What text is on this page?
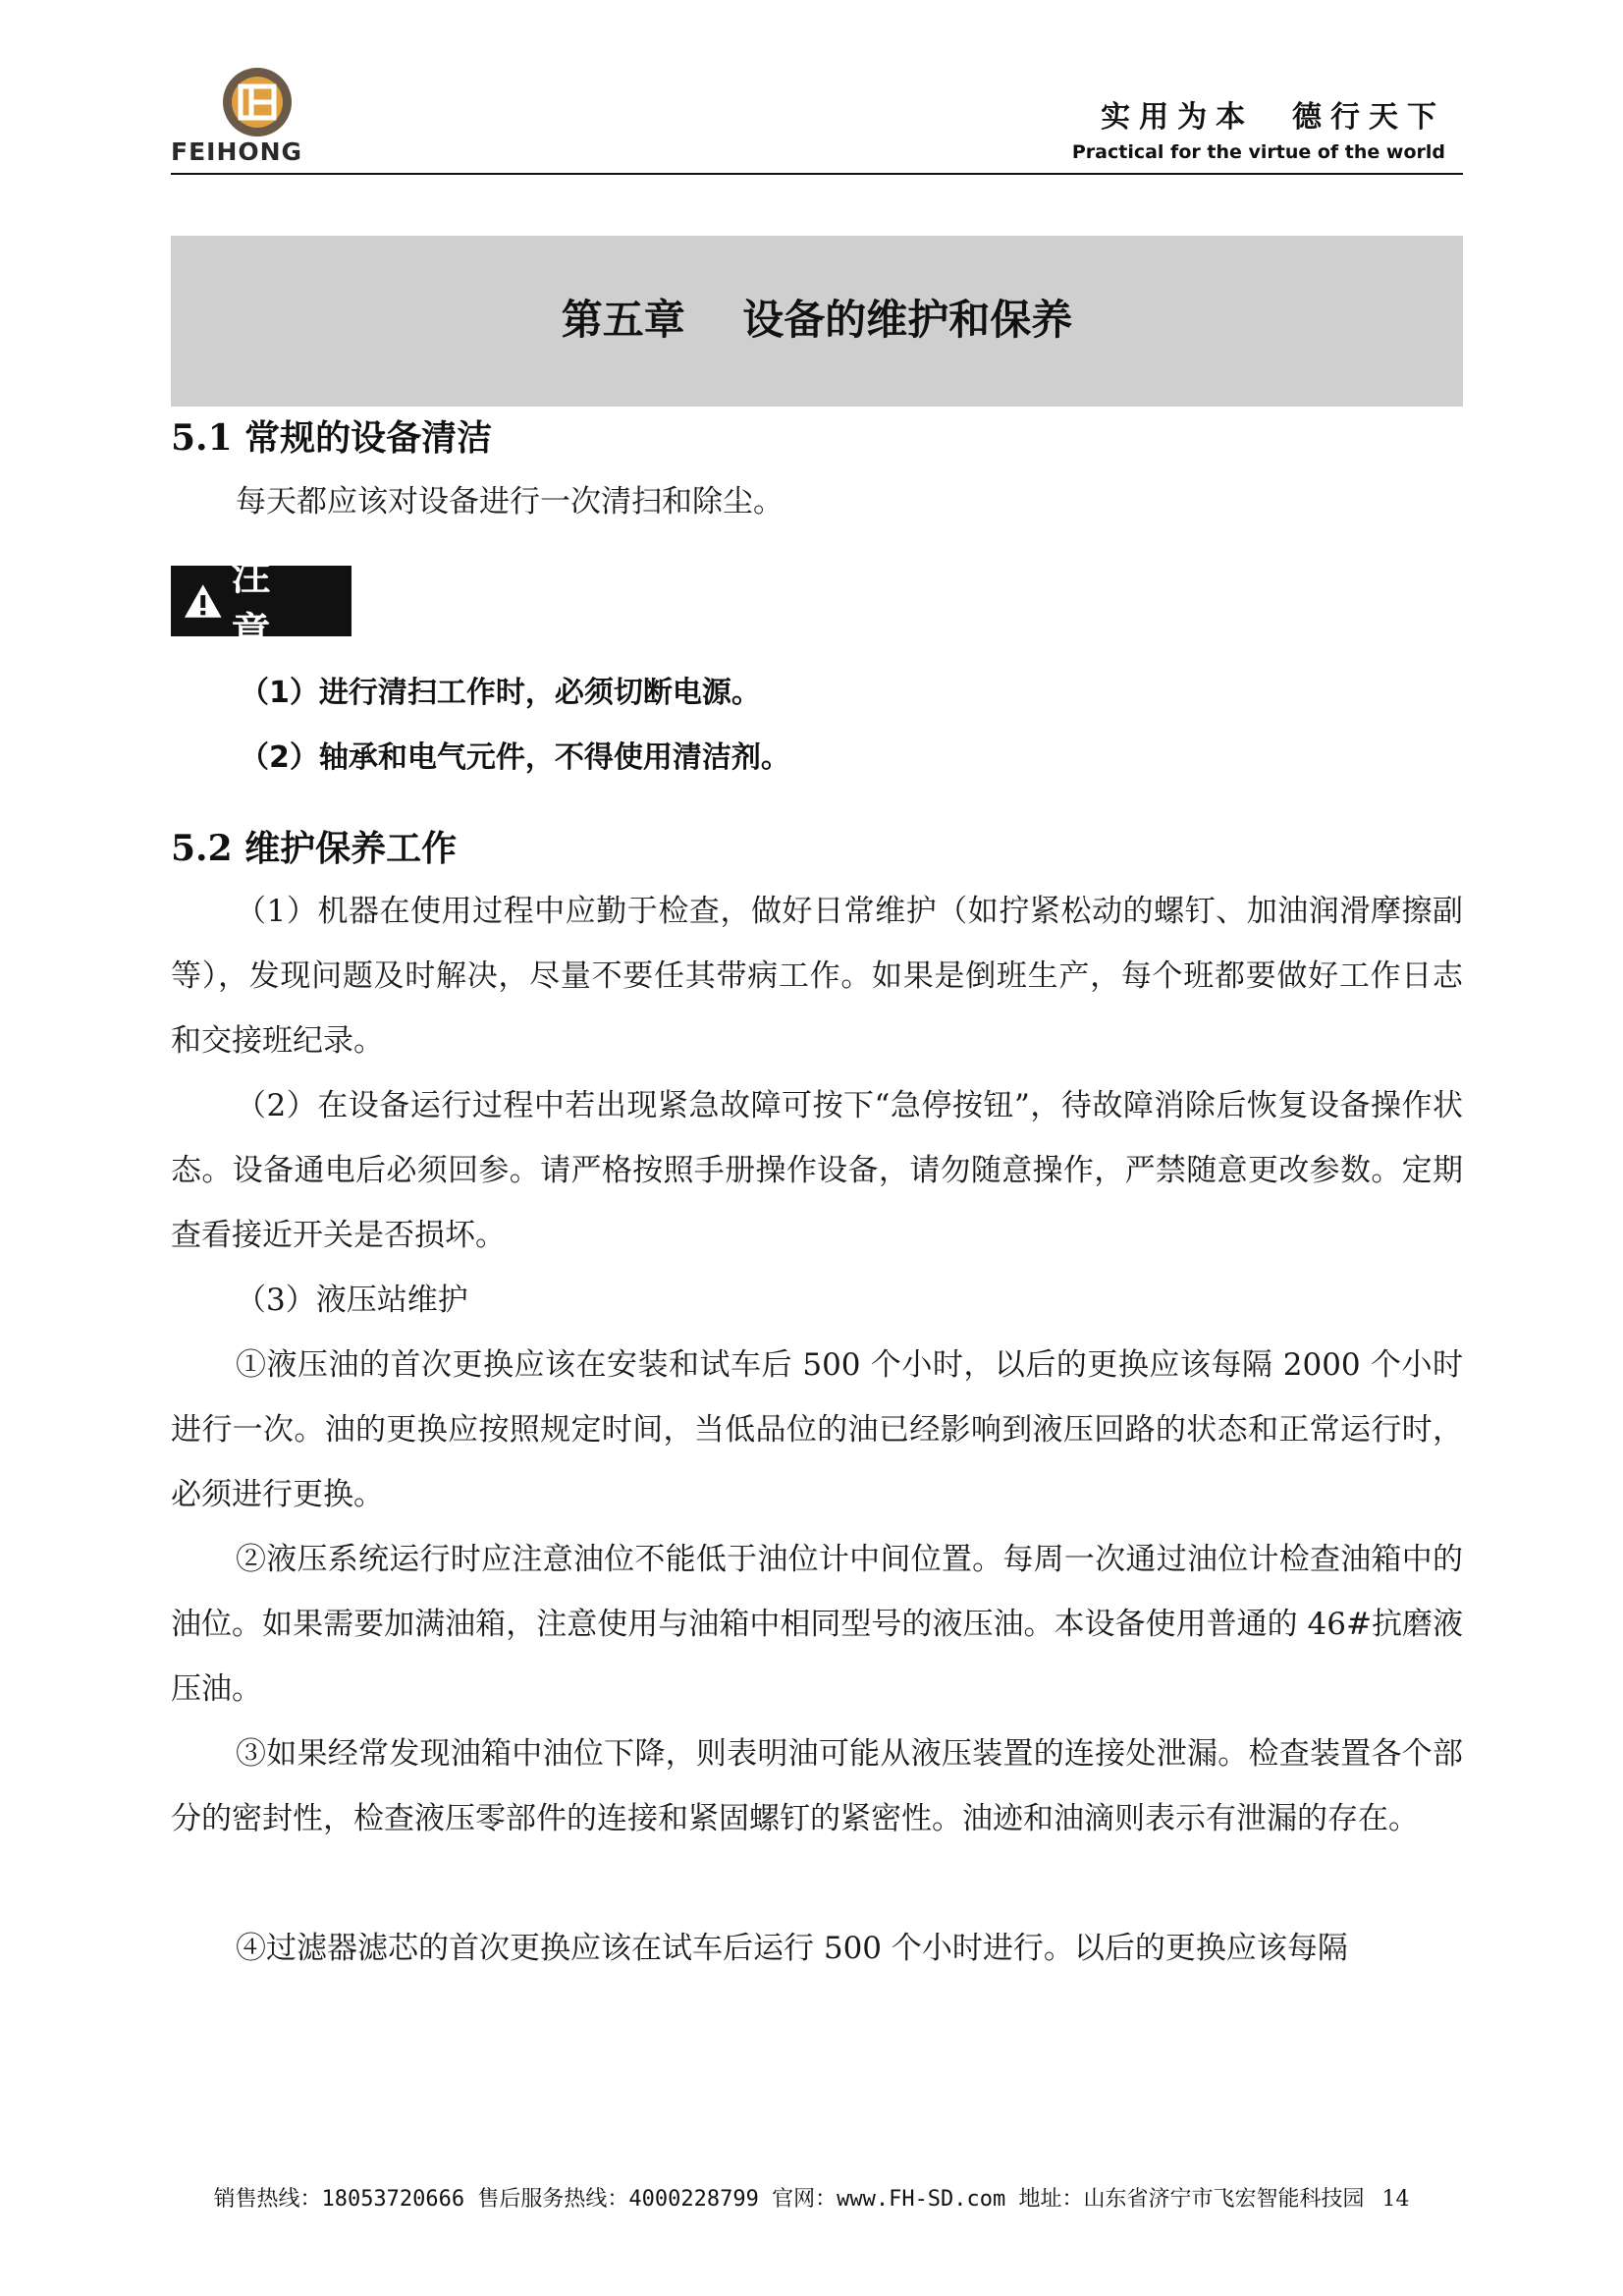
FEIHONG
实用为本  德行天下
Practical for the virtue of the world
第五章    设备的维护和保养
5.1 常规的设备清洁
每天都应该对设备进行一次清扫和除尘。
注 意
（1）进行清扫工作时，必须切断电源。
（2）轴承和电气元件，不得使用清洁剂。
5.2 维护保养工作
（1）机器在使用过程中应勤于检查，做好日常维护（如拧紧松动的螺钉、加油润滑摩擦副等），发现问题及时解决，尽量不要任其带病工作。如果是倒班生产，每个班都要做好工作日志和交接班纪录。
（2）在设备运行过程中若出现紧急故障可按下“急停按钮”，待故障消除后恢复设备操作状态。设备通电后必须回参。请严格按照手册操作设备，请勿随意操作，严禁随意更改参数。定期查看接近开关是否损坏。
（3）液压站维护
①液压油的首次更换应该在安装和试车后 500 个小时，以后的更换应该每隔 2000 个小时进行一次。油的更换应按照规定时间，当低品位的油已经影响到液压回路的状态和正常运行时，必须进行更换。
②液压系统运行时应注意油位不能低于油位计中间位置。每周一次通过油位计检查油箱中的油位。如果需要加满油箱，注意使用与油箱中相同型号的液压油。本设备使用普通的 46#抗磨液压油。
③如果经常发现油箱中油位下降，则表明油可能从液压装置的连接处泄漏。检查装置各个部分的密封性，检查液压零部件的连接和紧固螺钉的紧密性。油迹和油滴则表示有泄漏的存在。
④过滤器滤芯的首次更换应该在试车后运行 500 个小时进行。以后的更换应该每隔
销售热线：18053720666 售后服务热线：4000228799 官网：www.FH-SD.com 地址：山东省济宁市飞宏智能科技园 14
